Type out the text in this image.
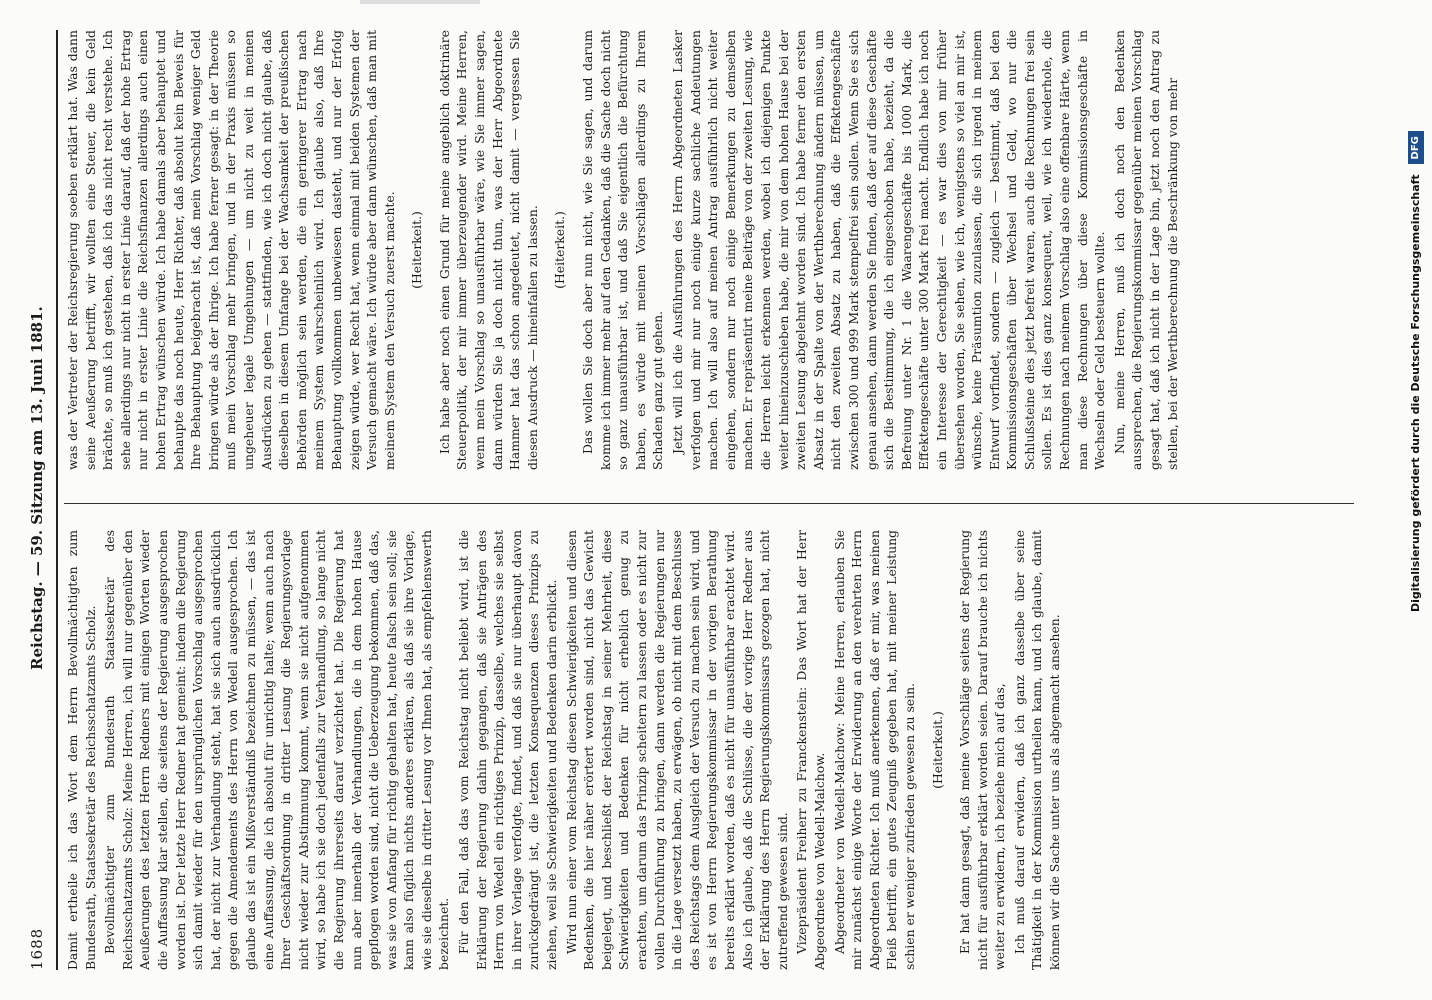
1688
Reichstag. — 59. Sitzung am 13. Juni 1881.

Damit ertheile ich das Wort dem Herrn Bevollmächtigten zum Bundesrath, Staatssekretär des Reichsschatzamts Scholz. Bevollmächtigter zum Bundesrath Staatssekretär des Reichsschatzamts Scholz: Meine Herren, ich will nur gegenüber den Aeußerungen des letzten Herrn Redners mit einigen Worten wieder die Auffassung klar stellen, die seitens der Regierung ausgesprochen worden ist. Der letzte Herr Redner hat gemeint: indem die Regierung sich damit wieder für den ursprünglichen Vorschlag ausgesprochen hat, der nicht zur Verhandlung steht, hat sie sich auch ausdrücklich gegen die Amendements des Herrn von Wedell ausgesprochen. Ich glaube das ist ein Mißverständniß bezeichnen zu müssen, — das ist eine Auffassung, die ich absolut für unrichtig halte; wenn auch nach Ihrer Geschäftsordnung in dritter Lesung die Regierungsvorlage nicht wieder zur Abstimmung kommt, wenn sie nicht aufgenommen wird, so habe ich sie doch jedenfalls zur Verhandlung, so lange nicht die Regierung ihrerseits darauf verzichtet hat. Die Regierung hat nun aber innerhalb der Verhandlungen, die in dem hohen Hause gepflogen worden sind, nicht die Ueberzeugung bekommen, daß das, was sie von Anfang für richtig gehalten hat, heute falsch sein soll; sie kann also füglich nichts anderes erklären, als daß sie ihre Vorlage, wie sie dieselbe in dritter Lesung vor Ihnen hat, als empfehlenswerth bezeichnet. Für den Fall, daß das vom Reichstag nicht beliebt wird, ist die Erklärung der Regierung dahin gegangen, daß sie Anträgen des Herrn von Wedell ein richtiges Prinzip, dasselbe, welches sie selbst in ihrer Vorlage verfolgte, findet, und daß sie nur überhaupt davon zurückgedrängt ist, die letzten Konsequenzen dieses Prinzips zu ziehen, weil sie Schwierigkeiten und Bedenken darin erblickt. Wird nun einer vom Reichstag diesen Schwierigkeiten und diesen Bedenken, die hier näher erörtert worden sind, nicht das Gewicht beigelegt, und beschließt der Reichstag in seiner Mehrheit, diese Schwierigkeiten und Bedenken für nicht erheblich genug zu erachten, um darum das Prinzip scheitern zu lassen oder es nicht zur vollen Durchführung zu bringen, dann werden die Regierungen nur in die Lage versetzt haben, zu erwägen, ob nicht mit dem Beschlusse des Reichstags dem Ausgleich der Versuch zu machen sein wird, und es ist von Herrn Regierungskommissar in der vorigen Berathung bereits erklärt worden, daß es nicht für unausführbar erachtet wird. Also ich glaube, daß die Schlüsse, die der vorige Herr Redner aus der Erklärung des Herrn Regierungskommissars gezogen hat, nicht zutreffend gewesen sind. Vizepräsident Freiherr zu Franckenstein: Das Wort hat der Herr Abgeordnete von Wedell-Malchow. Abgeordneter von Wedell-Malchow: Meine Herren, erlauben Sie mir zunächst einige Worte der Erwiderung an den verehrten Herrn Abgeordneten Richter. Ich muß anerkennen, daß er mir, was meinen Fleiß betrifft, ein gutes Zeugniß gegeben hat, mit meiner Leistung schien er weniger zufrieden gewesen zu sein. (Heiterkeit.) Er hat dann gesagt, daß meine Vorschläge seitens der Regierung nicht für ausführbar erklärt worden seien. Darauf brauche ich nichts weiter zu erwidern, ich beziehe mich auf das, Ich muß darauf erwidern, daß ich ganz dasselbe über seine Thätigkeit in der Kommission urtheilen kann, und ich glaube, damit können wir die Sache unter uns als abgemacht ansehen.

was der Vertreter der Reichsregierung soeben erklärt hat. Was dann seine Aeußerung betrifft, wir wollten eine Steuer, die kein Geld brächte, so muß ich gestehen, daß ich das nicht recht verstehe. Ich sehe allerdings nur nicht in erster Linie darauf, daß der hohe Ertrag nur nicht in erster Linie die Reichsfinanzen allerdings auch einen hohen Ertrag wünschen würde. Ich habe damals aber behauptet und behaupte das noch heute, Herr Richter, daß absolut kein Beweis für Ihre Behauptung beigebracht ist, daß mein Vorschlag weniger Geld bringen würde als der Ihrige. Ich habe ferner gesagt: in der Theorie muß mein Vorschlag mehr bringen, und in der Praxis müssen so ungeheuer legale Umgehungen — um nicht zu weit in meinen Ausdrücken zu gehen — stattfinden, wie ich doch nicht glaube, daß dieselben in diesem Umfange bei der Wachsamkeit der preußischen Behörden möglich sein werden, die ein geringerer Ertrag nach meinem System wahrscheinlich wird. Ich glaube also, daß Ihre Behauptung vollkommen unbewiesen dasteht, und nur der Erfolg zeigen würde, wer Recht hat, wenn einmal mit beiden Systemen der Versuch gemacht wäre. Ich würde aber dann wünschen, daß man mit meinem System den Versuch zuerst machte. (Heiterkeit.) Ich habe aber noch einen Grund für meine angeblich doktrinäre Steuerpolitik, der mir immer überzeugender wird. Meine Herren, wenn mein Vorschlag so unausführbar wäre, wie Sie immer sagen, dann würden Sie ja doch nicht thun, was der Herr Abgeordnete Hammer hat das schon angedeutet, nicht damit — vergessen Sie diesen Ausdruck — hineinfallen zu lassen. (Heiterkeit.) Das wollen Sie doch aber nun nicht, wie Sie sagen, und darum komme ich immer mehr auf den Gedanken, daß die Sache doch nicht so ganz unausführbar ist, und daß Sie eigentlich die Befürchtung haben, es würde mit meinen Vorschlägen allerdings zu Ihrem Schaden ganz gut gehen. Jetzt will ich die Ausführungen des Herrn Abgeordneten Lasker verfolgen und mir nur noch einige kurze sachliche Andeutungen machen. Ich will also auf meinen Antrag ausführlich nicht weiter eingehen, sondern nur noch einige Bemerkungen zu demselben machen. Er repräsentirt meine Beiträge von der zweiten Lesung, wie die Herren leicht erkennen werden, wobei ich diejenigen Punkte weiter hineinzuschieben habe, die mir von dem hohen Hause bei der zweiten Lesung abgelehnt worden sind. Ich habe ferner den ersten Absatz in der Spalte von der Werthberechnung ändern müssen, um nicht den zweiten Absatz zu haben, daß die Effektengeschäfte zwischen 300 und 999 Mark stempelfrei sein sollen. Wenn Sie es sich genau ansehen, dann werden Sie finden, daß der auf diese Geschäfte sich die Bestimmung, die ich eingeschoben habe, bezieht, da die Befreiung unter Nr. 1 die Waarengeschäfte bis 1000 Mark, die Effektengeschäfte unter 300 Mark frei macht. Endlich habe ich noch ein Interesse der Gerechtigkeit — es war dies von mir früher übersehen worden, Sie sehen, wie ich, wenigstens so viel an mir ist, wünsche, keine Präsumtion zuzulassen, die sich irgend in meinem Entwurf vorfindet, sondern — zugleich — bestimmt, daß bei den Kommissionsgeschäften über Wechsel und Geld, wo nur die Schlußsteine dies jetzt befreit waren, auch die Rechnungen frei sein sollen. Es ist dies ganz konsequent, weil, wie ich wiederhole, die Rechnungen nach meinem Vorschlag also eine offenbare Härte, wenn man diese Rechnungen über diese Kommissionsgeschäfte in Wechseln oder Geld besteuern wollte. Nun, meine Herren, muß ich doch noch den Bedenken aussprechen, die Regierungskommissar gegenüber meinen Vorschlag gesagt hat, daß ich nicht in der Lage bin, jetzt noch den Antrag zu stellen, bei der Werthberechnung die Beschränkung von mehr	Digitalisierung gefördert durch die Deutsche Forschungsgemeinschaft DFG
